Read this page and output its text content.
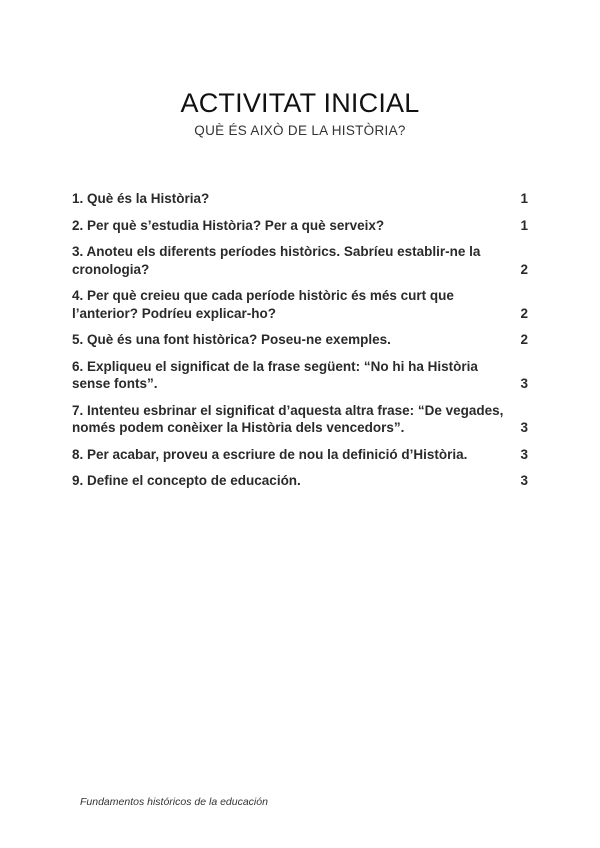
ACTIVITAT INICIAL
QUÈ ÉS AIXÒ DE LA HISTÒRIA?
1. Què és la Història?	1
2. Per què s’estudia Història? Per a què serveix?	1
3. Anoteu els diferents períodes històrics. Sabríeu establir-ne la cronologia?	2
4. Per què creieu que cada període històric és més curt que l’anterior? Podríeu explicar-ho?	2
5. Què és una font històrica? Poseu-ne exemples.	2
6. Expliqueu el significat de la frase següent: “No hi ha Història sense fonts”.	3
7. Intenteu esbrinar el significat d’aquesta altra frase: “De vegades, només podem conèixer la Història dels vencedors”.	3
8. Per acabar, proveu a escriure de nou la definició d’Història.	3
9. Define el concepto de educación.	3
Fundamentos históricos de la educación
